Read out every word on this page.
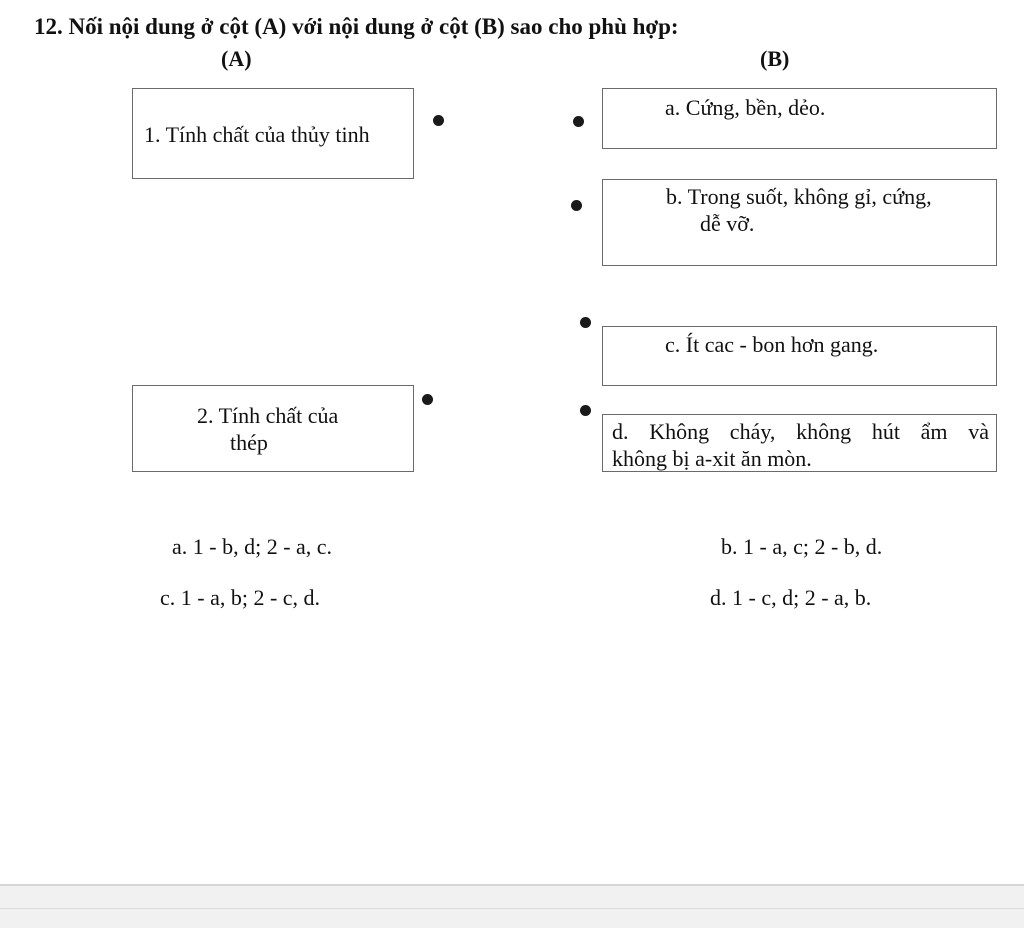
12. Nối nội dung ở cột (A) với nội dung ở cột (B) sao cho phù hợp:
(A)	(B)
1. Tính chất của thủy tinh
2. Tính chất của
thép
a. Cứng, bền, dẻo.
b. Trong suốt, không gỉ, cứng,
dễ vỡ.
c. Ít cac - bon hơn gang.
d. Không cháy, không hút ẩm và
không bị a-xit ăn mòn.
a. 1 - b, d; 2 - a, c.	b. 1 - a, c; 2 - b, d.
c. 1 - a, b; 2 - c, d.	d. 1 - c, d; 2 - a, b.
